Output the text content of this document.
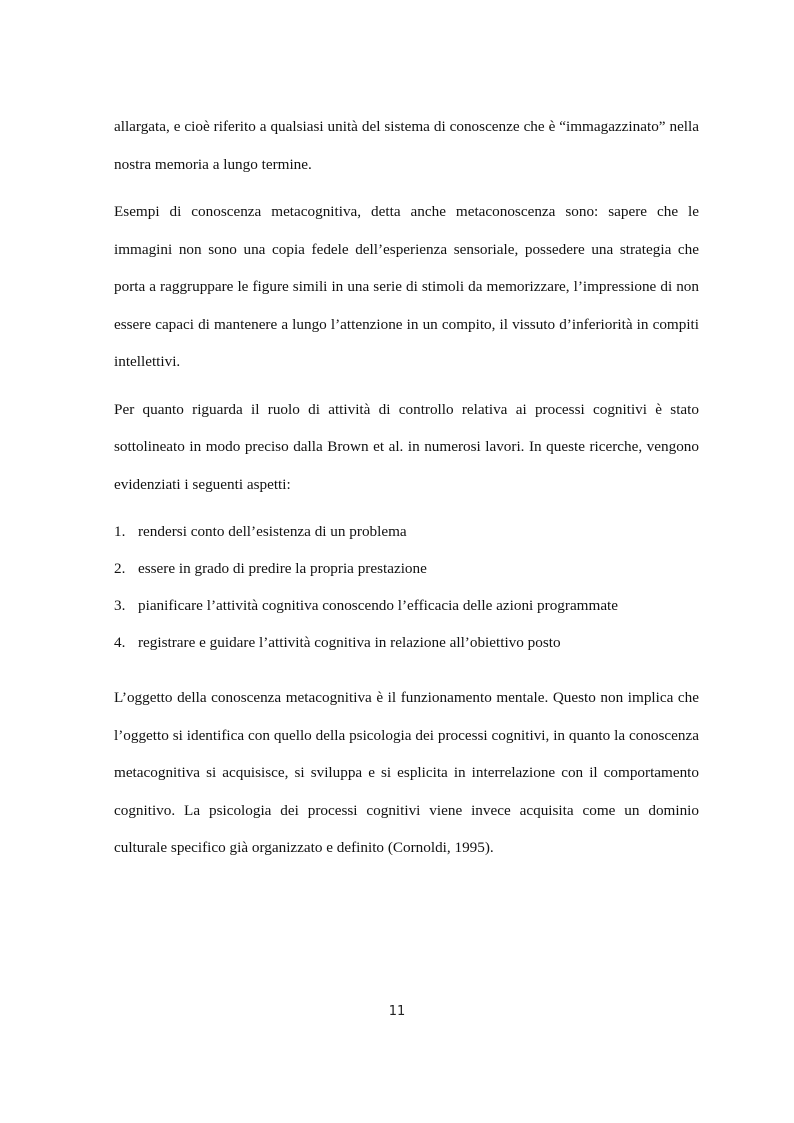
allargata, e cioè riferito a qualsiasi unità del sistema di conoscenze che è “immagazzinato” nella nostra memoria a lungo termine.

Esempi di conoscenza metacognitiva, detta anche metaconoscenza sono: sapere che le immagini non sono una copia fedele dell’esperienza sensoriale, possedere una strategia che porta a raggruppare le figure simili in una serie di stimoli da memorizzare, l’impressione di non essere capaci di mantenere a lungo l’attenzione in un compito, il vissuto d’inferiorità in compiti intellettivi.

Per quanto riguarda il ruolo di attività di controllo relativa ai processi cognitivi è stato sottolineato in modo preciso dalla Brown et al. in numerosi lavori. In queste ricerche, vengono evidenziati i seguenti aspetti:

1. rendersi conto dell’esistenza di un problema
2. essere in grado di predire la propria prestazione
3. pianificare l’attività cognitiva conoscendo l’efficacia delle azioni programmate
4. registrare e guidare l’attività cognitiva in relazione all’obiettivo posto

L’oggetto della conoscenza metacognitiva è il funzionamento mentale. Questo non implica che l’oggetto si identifica con quello della psicologia dei processi cognitivi, in quanto la conoscenza metacognitiva si acquisisce, si sviluppa e si esplicita in interrelazione con il comportamento cognitivo. La psicologia dei processi cognitivi viene invece acquisita come un dominio culturale specifico già organizzato e definito (Cornoldi, 1995).

11
